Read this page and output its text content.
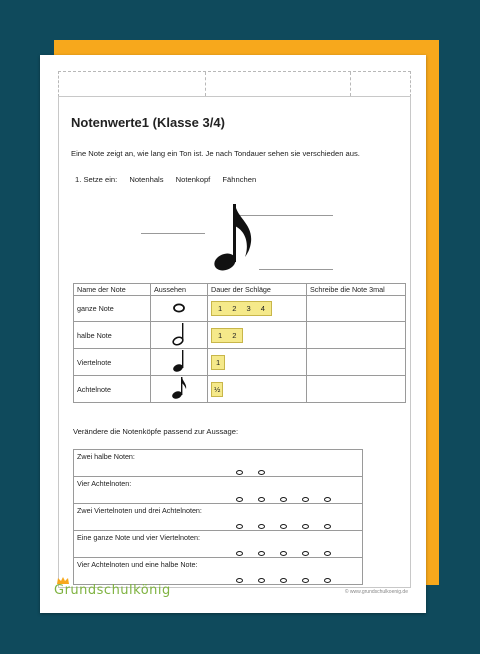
Notenwerte1 (Klasse 3/4)
Eine Note zeigt an, wie lang ein Ton ist. Je nach Tondauer sehen sie verschieden aus.
1. Setze ein: Notenhals Notenkopf Fähnchen
Name der Note	Aussehen	Dauer der Schläge	Schreibe die Note 3mal
ganze Note		1 2 3 4	

halbe Note		1 2	

Viertelnote		1	
Achtelnote		½	
Verändere die Notenköpfe passend zur Aussage:
Zwei halbe Noten:

Vier Achtelnoten:

Zwei Viertelnoten und drei Achtelnoten:

Eine ganze Note und vier Viertelnoten:

Vier Achtelnoten und eine halbe Note:
Grundschulkönig	© www.grundschulkoenig.de
